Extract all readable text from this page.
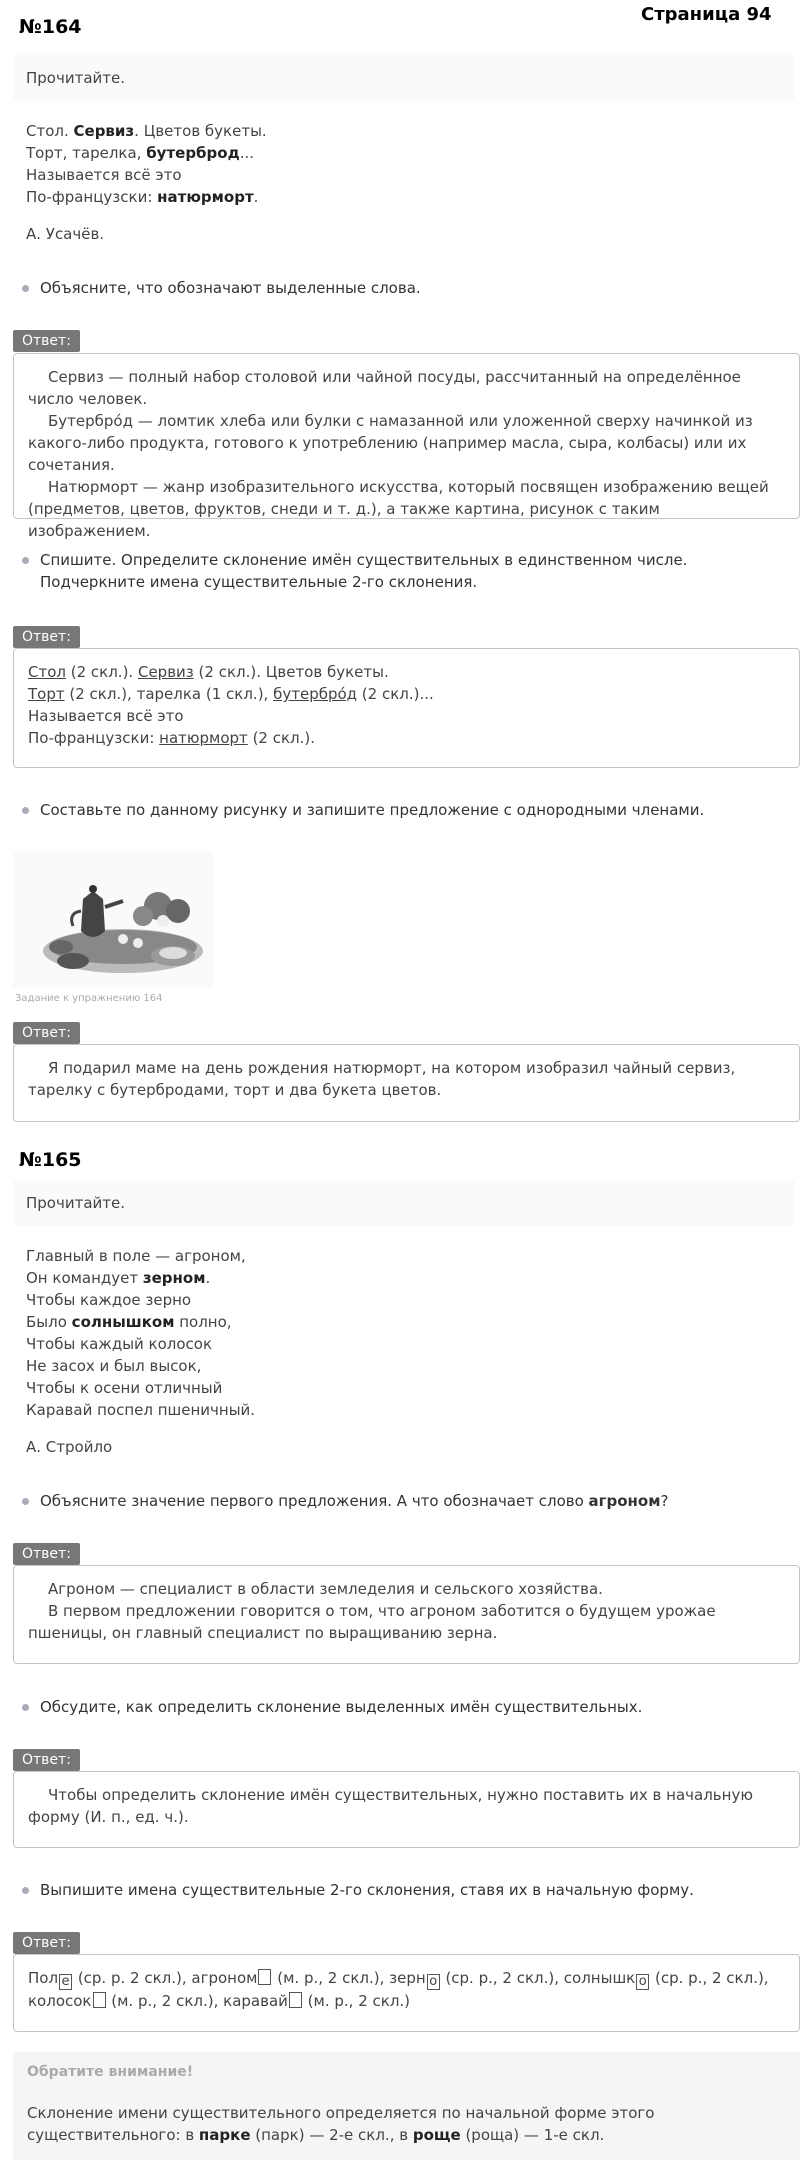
№164
Страница 94
Прочитайте.
Стол. Сервиз. Цветов букеты.
Торт, тарелка, бутерброд...
Называется всё это
По-французски: натюрморт.
А. Усачёв.
Объясните, что обозначают выделенные слова.
Ответ:

Сервиз — полный набор столовой или чайной посуды, рассчитанный на определённое число человек.

Бутербро́д — ломтик хлеба или булки с намазанной или уложенной сверху начинкой из какого-либо продукта, готового к употреблению (например масла, сыра, колбасы) или их сочетания.

Натюрморт — жанр изобразительного искусства, который посвящен изображению вещей (предметов, цветов, фруктов, снеди и т. д.), а также картина, рисунок с таким изображением.

Спишите. Определите склонение имён существительных в единственном числе. Подчеркните имена существительные 2-го склонения.
Ответ:

Стол (2 скл.). Сервиз (2 скл.). Цветов букеты.

Торт (2 скл.), тарелка (1 скл.), бутербро́д (2 скл.)...

Называется всё это

По-французски: натюрморт (2 скл.).

Составьте по данному рисунку и запишите предложение с однородными членами.
Задание к упражнению 164
Ответ:

Я подарил маме на день рождения натюрморт, на котором изобразил чайный сервиз, тарелку с бутербродами, торт и два букета цветов.

№165
Прочитайте.
Главный в поле — агроном,
Он командует зерном.
Чтобы каждое зерно
Было солнышком полно,
Чтобы каждый колосок
Не засох и был высок,
Чтобы к осени отличный
Каравай поспел пшеничный.
А. Стройло
Объясните значение первого предложения. А что обозначает слово агроном?
Ответ:

Агроном — специалист в области земледелия и сельского хозяйства.

В первом предложении говорится о том, что агроном заботится о будущем урожае пшеницы, он главный специалист по выращиванию зерна.

Обсудите, как определить склонение выделенных имён существительных.
Ответ:

Чтобы определить склонение имён существительных, нужно поставить их в начальную форму (И. п., ед. ч.).

Выпишите имена существительные 2-го склонения, ставя их в начальную форму.
Ответ:

Пол е (ср. р. 2 скл.), агроном (м. р., 2 скл.), зерн о (ср. р., 2 скл.), солнышк о (ср. р., 2 скл.), колосок (м. р., 2 скл.), каравай (м. р., 2 скл.)

Обратите внимание!
Склонение имени существительного определяется по начальной форме этого существительного: в парке (парк) — 2-е скл., в роще (роща) — 1-е скл.
